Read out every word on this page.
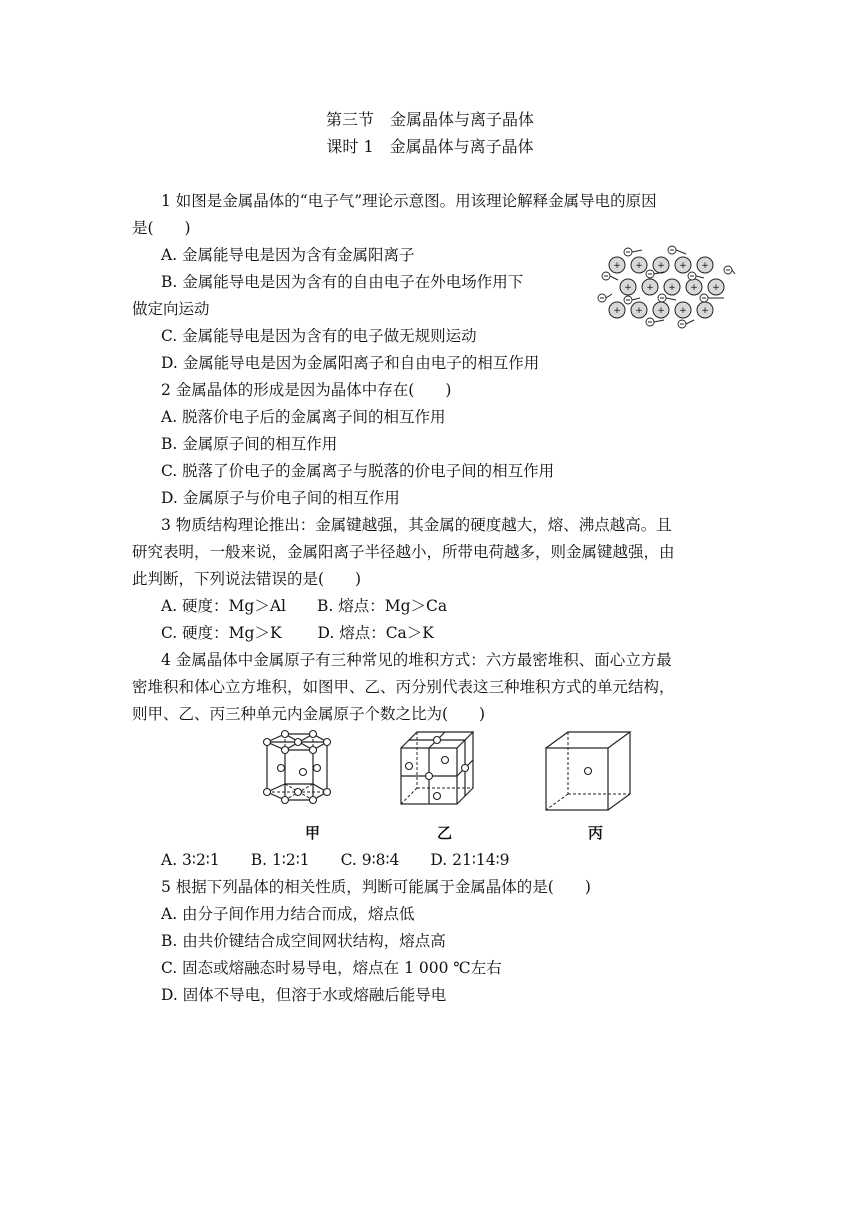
第三节　金属晶体与离子晶体
课时 1　金属晶体与离子晶体
1 如图是金属晶体的“电子气”理论示意图。用该理论解释金属导电的原因
是(　　)
A. 金属能导电是因为含有金属阳离子
B. 金属能导电是因为含有的自由电子在外电场作用下
做定向运动
C. 金属能导电是因为含有的电子做无规则运动
D. 金属能导电是因为金属阳离子和自由电子的相互作用
+ + + + +
+ + + + +
+ + + + +
2 金属晶体的形成是因为晶体中存在(　　)
A. 脱落价电子后的金属离子间的相互作用
B. 金属原子间的相互作用
C. 脱落了价电子的金属离子与脱落的价电子间的相互作用
D. 金属原子与价电子间的相互作用
3 物质结构理论推出：金属键越强，其金属的硬度越大，熔、沸点越高。且
研究表明，一般来说，金属阳离子半径越小，所带电荷越多，则金属键越强，由
此判断，下列说法错误的是(　　)
A. 硬度：Mg＞Al　　B. 熔点：Mg＞Ca
C. 硬度：Mg＞K　　 D. 熔点：Ca＞K
4 金属晶体中金属原子有三种常见的堆积方式：六方最密堆积、面心立方最
密堆积和体心立方堆积，如图甲、乙、丙分别代表这三种堆积方式的单元结构，
则甲、乙、丙三种单元内金属原子个数之比为(　　)
甲	乙	丙
A. 3∶2∶1　　B. 1∶2∶1　　C. 9∶8∶4　　D. 21∶14∶9
5 根据下列晶体的相关性质，判断可能属于金属晶体的是(　　)
A. 由分子间作用力结合而成，熔点低
B. 由共价键结合成空间网状结构，熔点高
C. 固态或熔融态时易导电，熔点在 1 000 ℃左右
D. 固体不导电，但溶于水或熔融后能导电
